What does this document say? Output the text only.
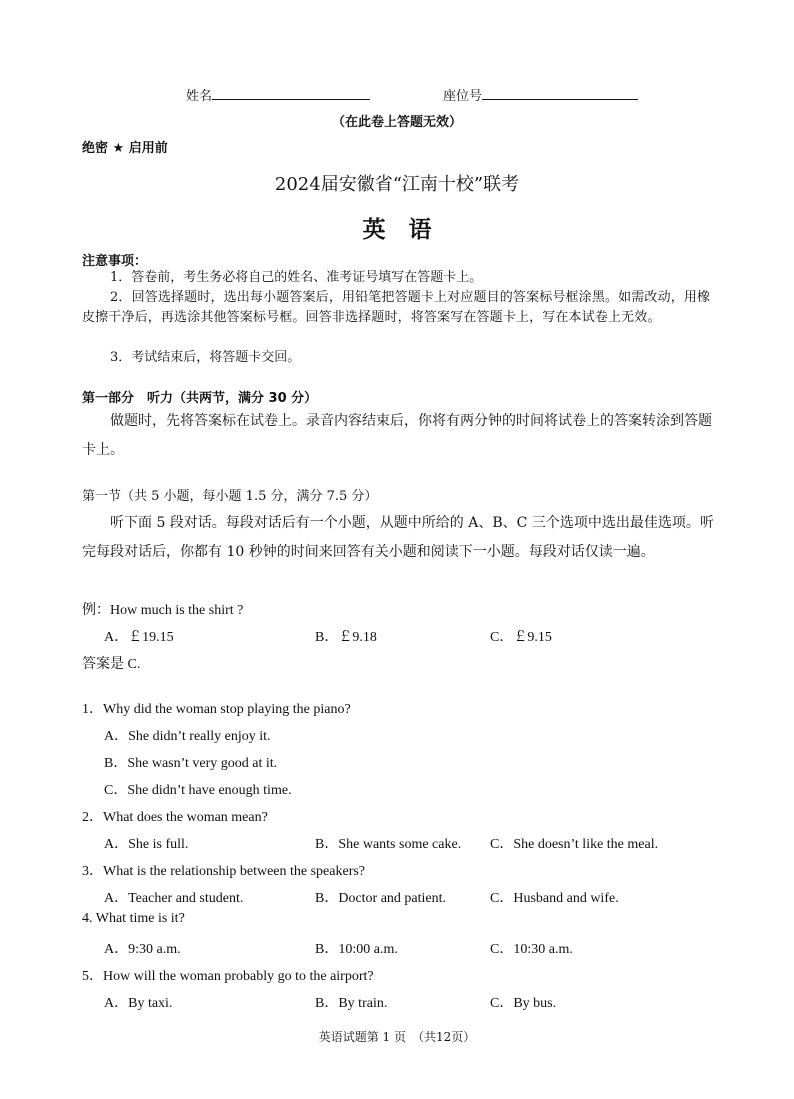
姓名	座位号
（在此卷上答题无效）
绝密 ★ 启用前
2024届安徽省“江南十校”联考
英　语
注意事项：
1．答卷前，考生务必将自己的姓名、准考证号填写在答题卡上。
2．回答选择题时，选出每小题答案后，用铅笔把答题卡上对应题目的答案标号框涂黑。如需改动，用橡皮擦干净后，再选涂其他答案标号框。回答非选择题时，将答案写在答题卡上，写在本试卷上无效。
3．考试结束后，将答题卡交回。
第一部分　听力（共两节，满分 30 分）
做题时，先将答案标在试卷上。录音内容结束后，你将有两分钟的时间将试卷上的答案转涂到答题卡上。
第一节（共 5 小题，每小题 1.5 分，满分 7.5 分）
听下面 5 段对话。每段对话后有一个小题，从题中所给的 A、B、C 三个选项中选出最佳选项。听完每段对话后，你都有 10 秒钟的时间来回答有关小题和阅读下一小题。每段对话仅读一遍。
例：How much is the shirt ?
A．￡19.15	B．￡9.18	C．￡9.15
答案是 C.
1．Why did the woman stop playing the piano?
A．She didn’t really enjoy it.
B．She wasn’t very good at it.
C．She didn’t have enough time.
2．What does the woman mean?
A．She is full.	B．She wants some cake. C．She doesn’t like the meal.
3．What is the relationship between the speakers?
A．Teacher and student.	B．Doctor and patient.	C．Husband and wife.
4. What time is it?
A．9:30 a.m.	B．10:00 a.m.	C．10:30 a.m.
5．How will the woman probably go to the airport?
A．By taxi.	B．By train.	C．By bus.
英语试题第 1 页　（共12页）
